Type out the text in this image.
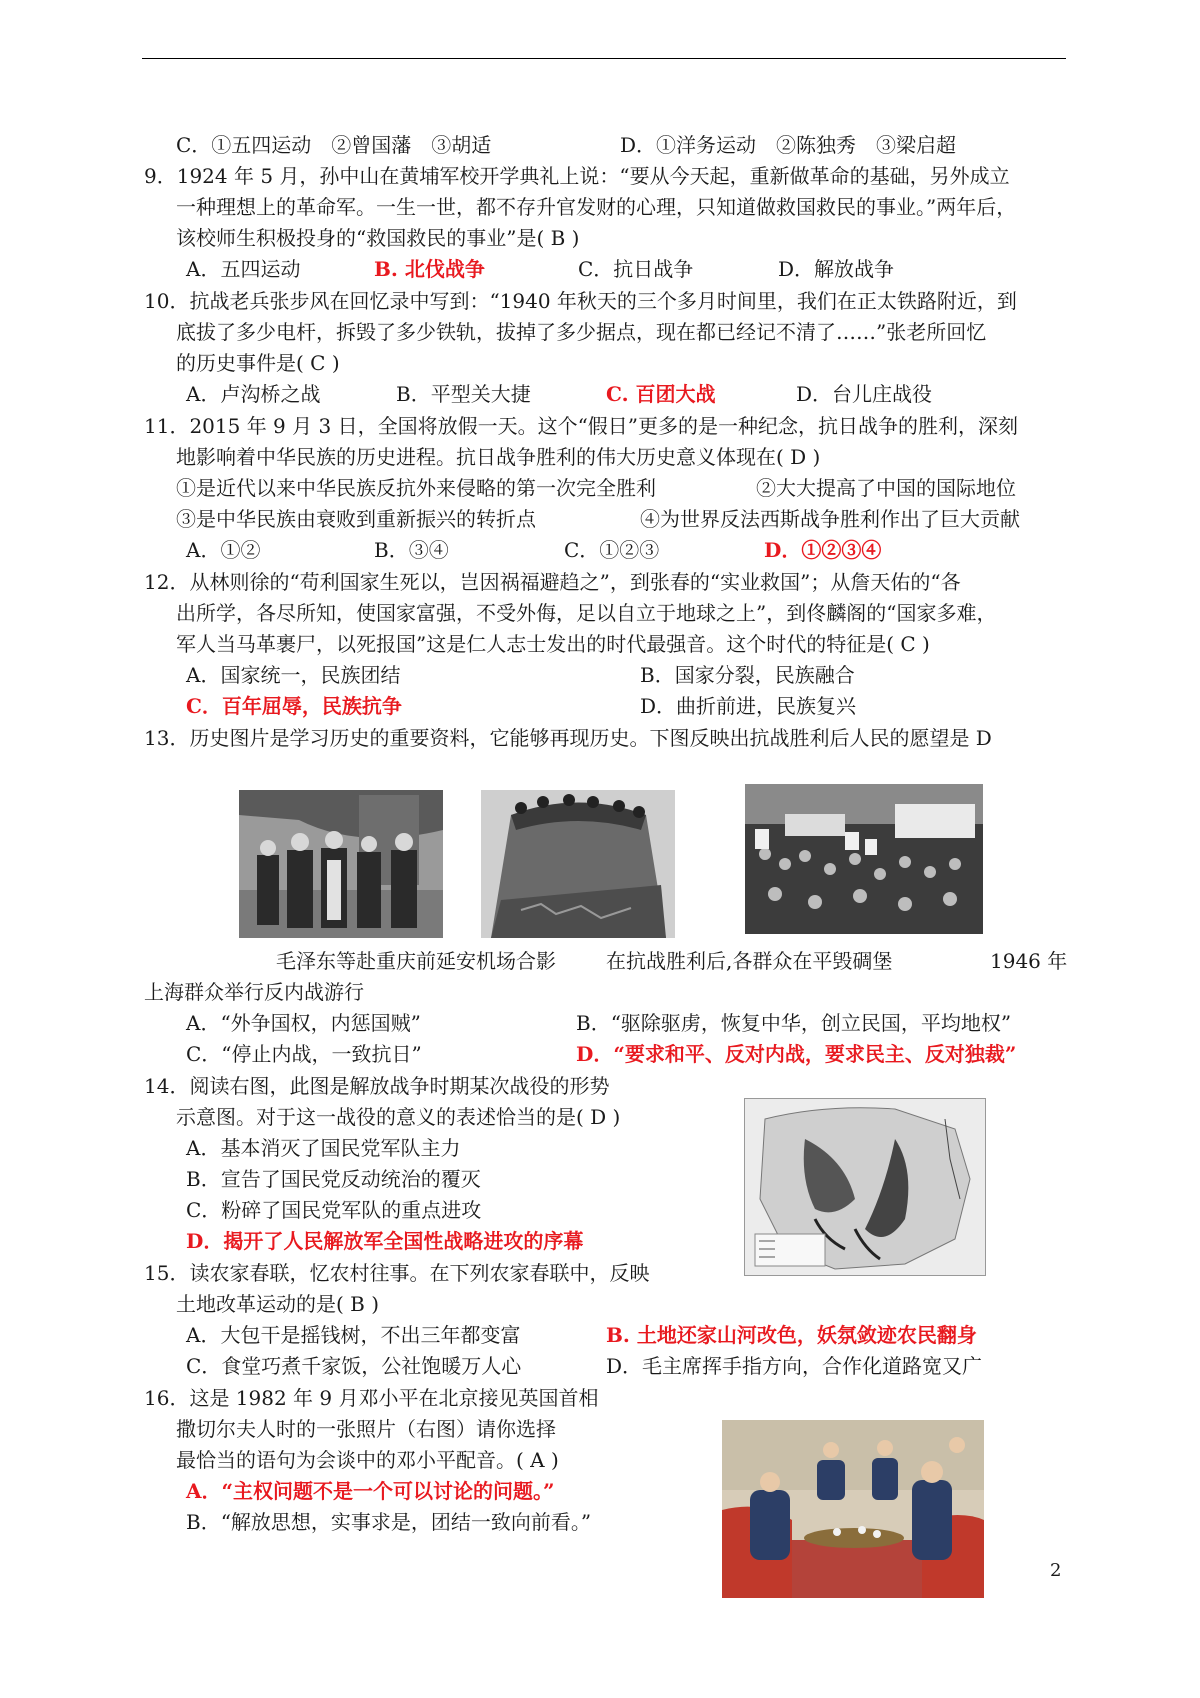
C．①五四运动　②曾国藩　③胡适	D．①洋务运动　②陈独秀　③梁启超
9．1924 年 5 月，孙中山在黄埔军校开学典礼上说：“要从今天起，重新做革命的基础，另外成立
一种理想上的革命军。一生一世，都不存升官发财的心理，只知道做救国救民的事业。”两年后，
该校师生积极投身的“救国救民的事业”是( B )
A．五四运动	B. 北伐战争	C．抗日战争	D．解放战争
10．抗战老兵张步风在回忆录中写到：“1940 年秋天的三个多月时间里，我们在正太铁路附近，到
底拔了多少电杆，拆毁了多少铁轨，拔掉了多少据点，现在都已经记不清了……”张老所回忆
的历史事件是( C )
A．卢沟桥之战	B．平型关大捷	C. 百团大战	D．台儿庄战役
11．2015 年 9 月 3 日，全国将放假一天。这个“假日”更多的是一种纪念，抗日战争的胜利，深刻
地影响着中华民族的历史进程。抗日战争胜利的伟大历史意义体现在( D )
①是近代以来中华民族反抗外来侵略的第一次完全胜利	②大大提高了中国的国际地位
③是中华民族由衰败到重新振兴的转折点	④为世界反法西斯战争胜利作出了巨大贡献
A．①②	B．③④	C．①②③	D．①②③④
12．从林则徐的“苟利国家生死以，岂因祸福避趋之”，到张春的“实业救国”；从詹天佑的“各
出所学，各尽所知，使国家富强，不受外侮，足以自立于地球之上”，到佟麟阁的“国家多难，
军人当马革裹尸，以死报国”这是仁人志士发出的时代最强音。这个时代的特征是( C )
A．国家统一，民族团结	B．国家分裂，民族融合
C．百年屈辱，民族抗争	D．曲折前进，民族复兴
13．历史图片是学习历史的重要资料，它能够再现历史。下图反映出抗战胜利后人民的愿望是 D
毛泽东等赴重庆前延安机场合影	在抗战胜利后,各群众在平毁碉堡	1946 年
上海群众举行反内战游行
A．“外争国权，内惩国贼”	B．“驱除驱虏，恢复中华，创立民国，平均地权”
C．“停止内战，一致抗日”	D．“要求和平、反对内战，要求民主、反对独裁”
14．阅读右图，此图是解放战争时期某次战役的形势
示意图。对于这一战役的意义的表述恰当的是( D )
A．基本消灭了国民党军队主力
B．宣告了国民党反动统治的覆灭
C．粉碎了国民党军队的重点进攻
D．揭开了人民解放军全国性战略进攻的序幕
15．读农家春联，忆农村往事。在下列农家春联中，反映
土地改革运动的是( B )
A．大包干是摇钱树，不出三年都变富	B. 土地还家山河改色，妖氛敛迹农民翻身
C．食堂巧煮千家饭，公社饱暖万人心	D．毛主席挥手指方向，合作化道路宽又广
16．这是 1982 年 9 月邓小平在北京接见英国首相
撒切尔夫人时的一张照片（右图）请你选择
最恰当的语句为会谈中的邓小平配音。( A )
A．“主权问题不是一个可以讨论的问题。”
B．“解放思想，实事求是，团结一致向前看。”
2
